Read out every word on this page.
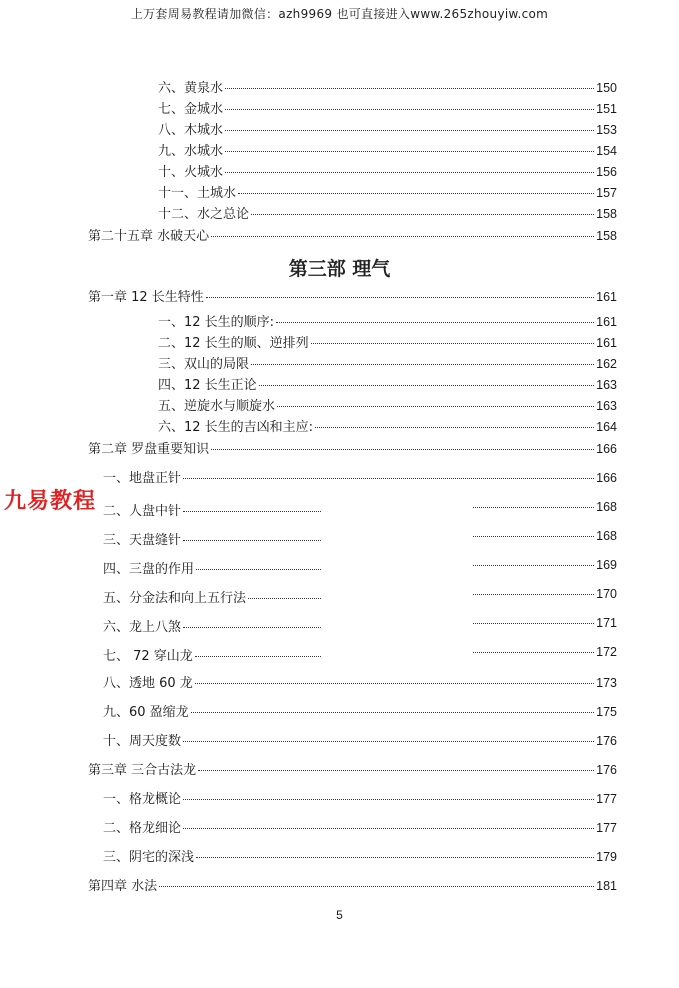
上万套周易教程请加微信：azh9969 也可直接进入www.265zhouyiw.com
六、黄泉水	150
七、金城水	151
八、木城水	153
九、水城水	154
十、火城水	156
十一、土城水	157
十二、水之总论	158
第二十五章 水破天心	158
第三部 理气
第一章 12 长生特性	161
一、12 长生的顺序:	161
二、12 长生的顺、逆排列	161
三、双山的局限	162
四、12 长生正论	163
五、逆旋水与顺旋水	163
六、12 长生的吉凶和主应:	164
第二章 罗盘重要知识	166
一、地盘正针	166
二、人盘中针	168
三、天盘缝针	168
四、三盘的作用	169
五、分金法和向上五行法	170
六、龙上八煞	171
七、 72 穿山龙	172
八、透地 60 龙	173
九、60 盈缩龙	175
十、周天度数	176
第三章 三合古法龙	176
一、格龙概论	177
二、格龙细论	177
三、阴宅的深浅	179
第四章 水法	181
九易教程
5
